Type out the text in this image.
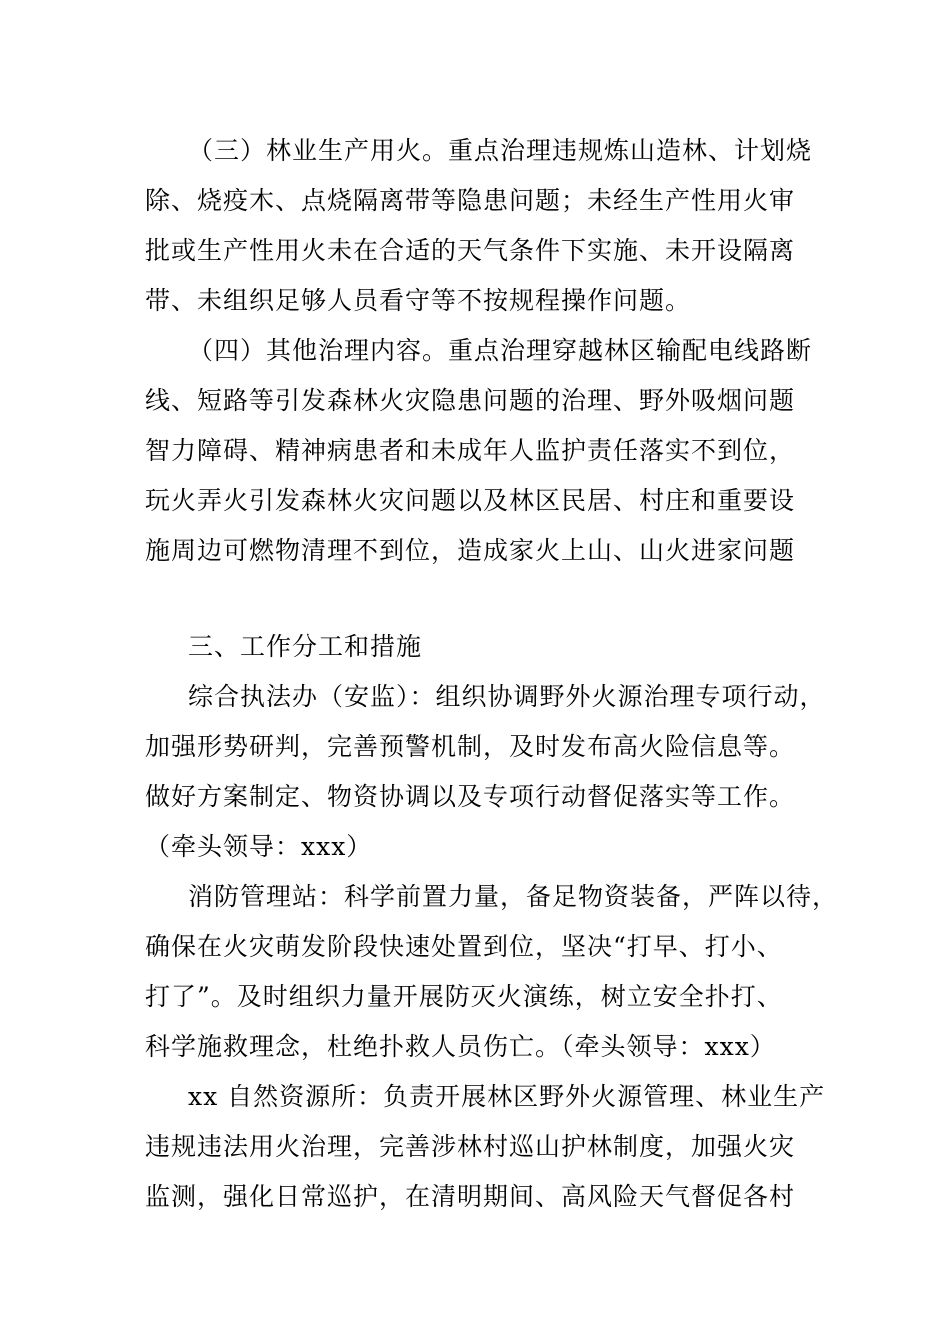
（三）林业生产用火。重点治理违规炼山造林、计划烧
除、烧疫木、点烧隔离带等隐患问题；未经生产性用火审
批或生产性用火未在合适的天气条件下实施、未开设隔离
带、未组织足够人员看守等不按规程操作问题。
（四）其他治理内容。重点治理穿越林区输配电线路断
线、短路等引发森林火灾隐患问题的治理、野外吸烟问题
智力障碍、精神病患者和未成年人监护责任落实不到位，
玩火弄火引发森林火灾问题以及林区民居、村庄和重要设
施周边可燃物清理不到位，造成家火上山、山火进家问题
三、工作分工和措施
综合执法办（安监）：组织协调野外火源治理专项行动，
加强形势研判，完善预警机制，及时发布高火险信息等。
做好方案制定、物资协调以及专项行动督促落实等工作。
（牵头领导：xxx）
消防管理站：科学前置力量，备足物资装备，严阵以待，
确保在火灾萌发阶段快速处置到位，坚决“打早、打小、
打了”。及时组织力量开展防灭火演练，树立安全扑打、
科学施救理念，杜绝扑救人员伤亡。（牵头领导：xxx）
xx 自然资源所：负责开展林区野外火源管理、林业生产
违规违法用火治理，完善涉林村巡山护林制度，加强火灾
监测，强化日常巡护，在清明期间、高风险天气督促各村
